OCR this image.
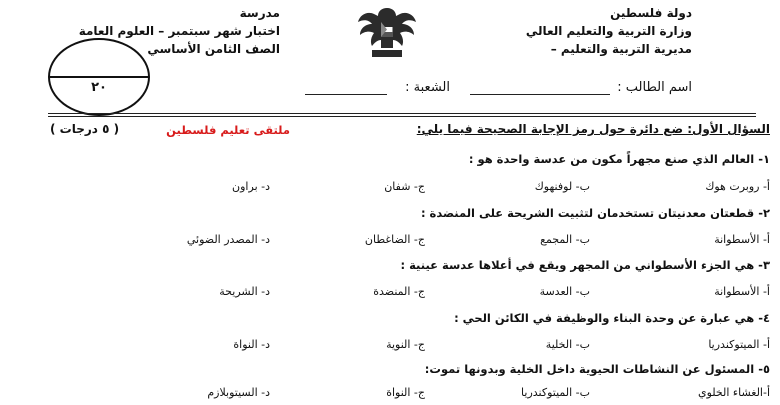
دولة فلسطين
وزارة التربية والتعليم العالي
مديرية التربية والتعليم –
مدرسة
اختبار شهر سبتمبر – العلوم العامة
الصف الثامن الأساسي
٢٠	اسم الطالب :
الشعبة :
السؤال الأول: ضع دائرة حول رمز الإجابة الصحيحة فيما يلي:
ملتقى تعليم فلسطين
( ٥ درجات )
١- العالم الذي صنع مجهراً مكون من عدسة واحدة هو :
أ- روبرت هوك
ب- لوفنهوك
ج- شفان
د- براون
٢- قطعتان معدنيتان تستخدمان لتثبيت الشريحة على المنضدة :
أ- الأسطوانة
ب- المجمع
ج- الضاغطان
د- المصدر الضوئي
٣- هي الجزء الأسطواني من المجهر ويقع في أعلاها عدسة عينية :
أ- الأسطوانة
ب- العدسة
ج- المنضدة
د- الشريحة
٤- هي عبارة عن وحدة البناء والوظيفة في الكائن الحي :
أ- الميتوكندريا
ب- الخلية
ج- النوية
د- النواة
٥- المسئول عن النشاطات الحيوية داخل الخلية وبدونها تموت:
أ-الغشاء الخلوي
ب- الميتوكندريا
ج- النواة
د- السيتوبلازم
